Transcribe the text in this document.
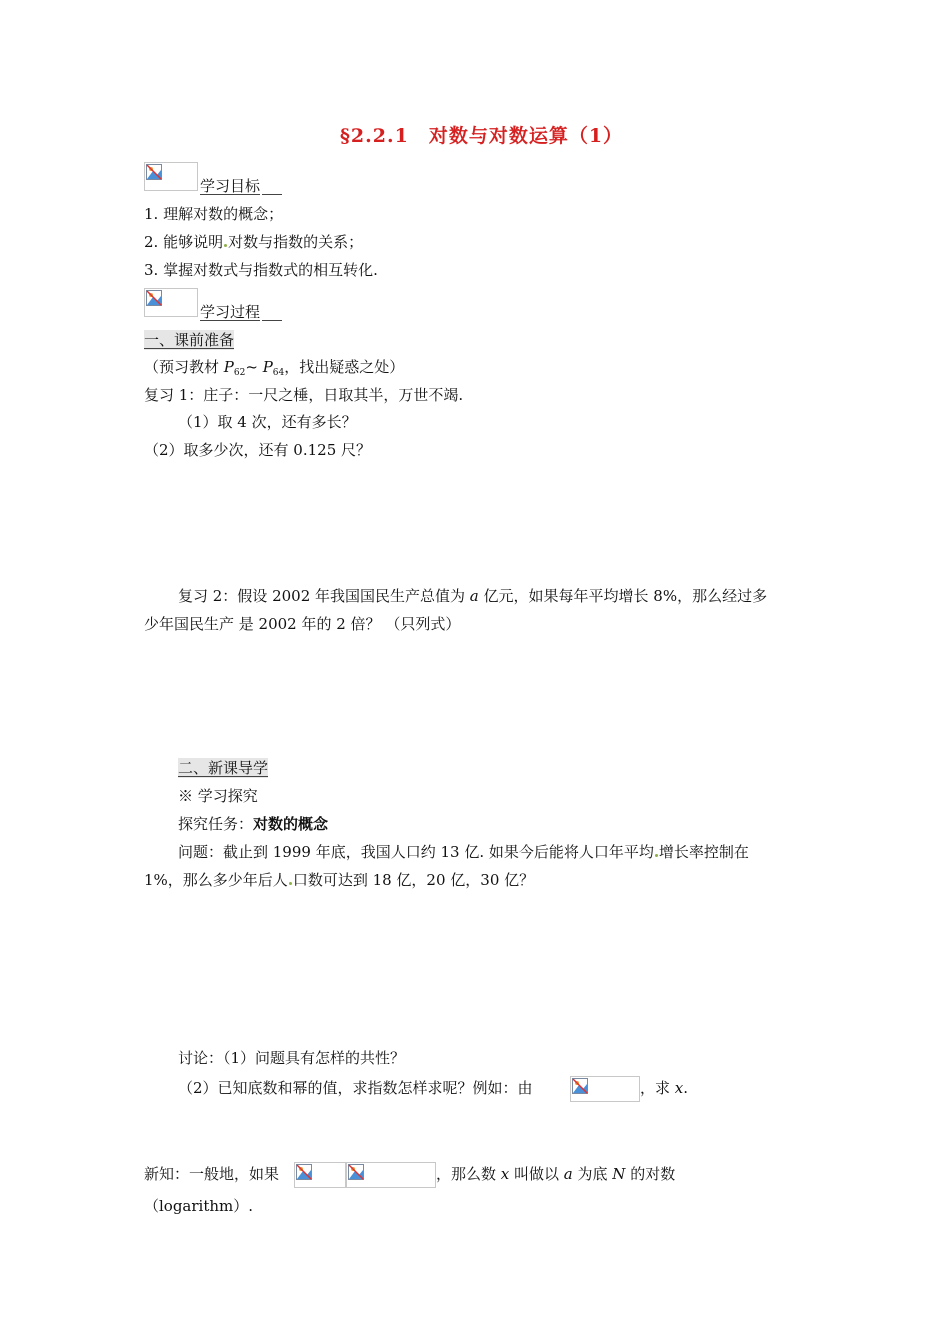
§2.2.1　对数与对数运算（1）
学习目标
1. 理解对数的概念；
2. 能够说明 对数与指数的关系；
3. 掌握对数式与指数式的相互转化.
学习过程
一、课前准备
（预习教材 $P_{62}\sim$ $P_{64}$，找出疑惑之处）
复习 1：庄子：一尺之棰，日取其半，万世不竭.
（1）取 4 次，还有多长？
（2）取多少次，还有 0.125 尺？
复习 2：假设 2002 年我国国民生产总值为 a 亿元，如果每年平均增长 8%，那么经过多
少年国民生产 是 2002 年的 2 倍？ （只列式）
二、新课导学
※ 学习探究
探究任务：对数的概念
问题：截止到 1999 年底，我国人口约 13 亿. 如果今后能将人口年平均 增长率控制在
1%，那么多少年后人 口数可达到 18 亿，20 亿，30 亿？
讨论：（1）问题具有怎样的共性？
（2）已知底数和幂的值，求指数怎样求呢？例如：由	，求 x.
新知：一般地，如果	，那么数 x 叫做以 a 为底 N 的对数
（logarithm）.
